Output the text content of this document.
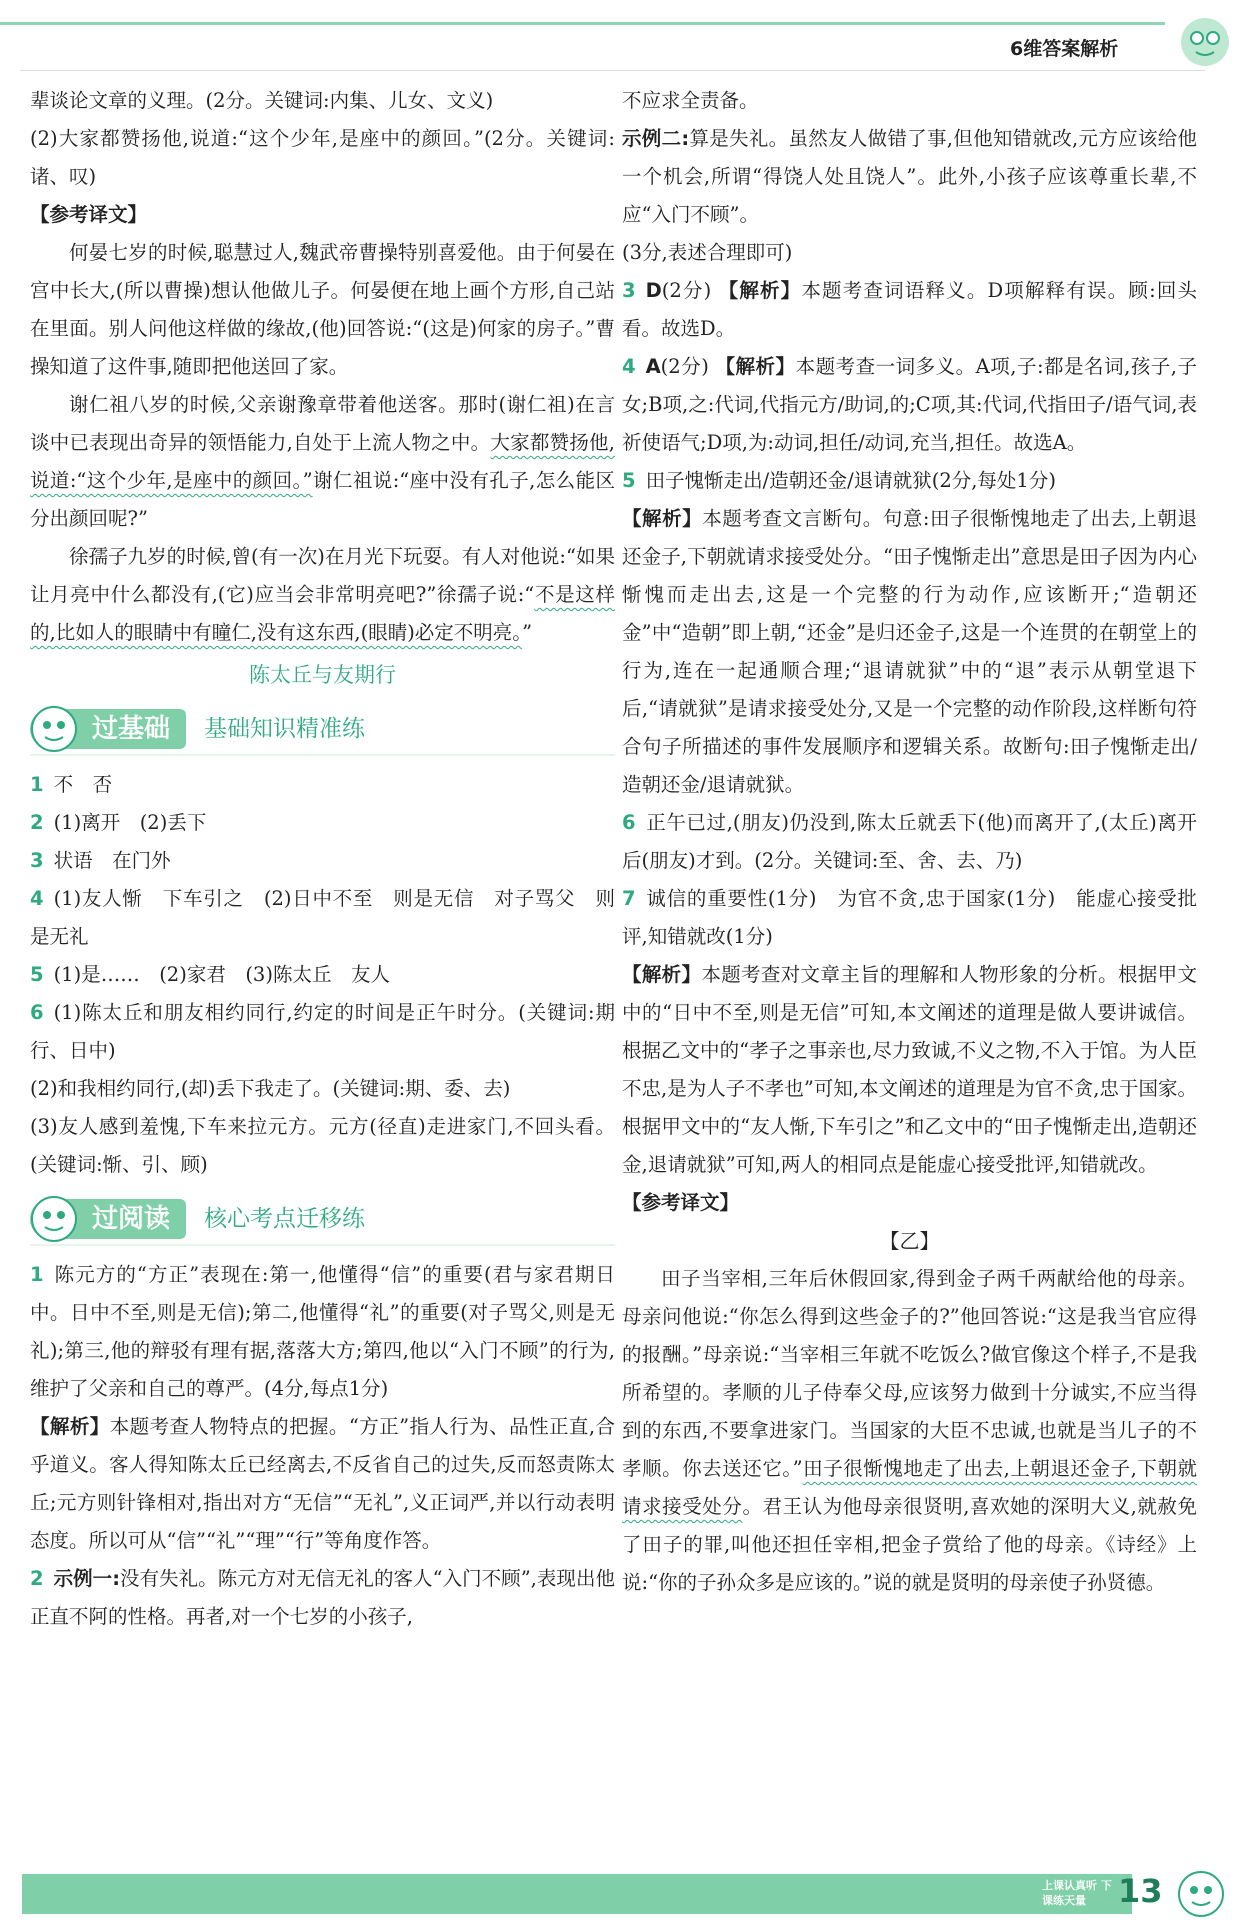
6维答案解析

辈谈论文章的义理。(2分。关键词:内集、儿女、文义)

(2)大家都赞扬他,说道:“这个少年,是座中的颜回。”(2分。关键词:诸、叹)

【参考译文】

何晏七岁的时候,聪慧过人,魏武帝曹操特别喜爱他。由于何晏在宫中长大,(所以曹操)想认他做儿子。何晏便在地上画个方形,自己站在里面。别人问他这样做的缘故,(他)回答说:“(这是)何家的房子。”曹操知道了这件事,随即把他送回了家。

谢仁祖八岁的时候,父亲谢豫章带着他送客。那时(谢仁祖)在言谈中已表现出奇异的领悟能力,自处于上流人物之中。大家都赞扬他,说道:“这个少年,是座中的颜回。”谢仁祖说:“座中没有孔子,怎么能区分出颜回呢?”

徐孺子九岁的时候,曾(有一次)在月光下玩耍。有人对他说:“如果让月亮中什么都没有,(它)应当会非常明亮吧?”徐孺子说:“不是这样的,比如人的眼睛中有瞳仁,没有这东西,(眼睛)必定不明亮。”

陈太丘与友期行

过基础 基础知识精准练

1 不　否

2 (1)离开　(2)丢下

3 状语　在门外

4 (1)友人惭　下车引之　(2)日中不至　则是无信　对子骂父　则是无礼

5 (1)是……　(2)家君　(3)陈太丘　友人

6 (1)陈太丘和朋友相约同行,约定的时间是正午时分。(关键词:期行、日中)

(2)和我相约同行,(却)丢下我走了。(关键词:期、委、去)

(3)友人感到羞愧,下车来拉元方。元方(径直)走进家门,不回头看。(关键词:惭、引、顾)

过阅读 核心考点迁移练

1 陈元方的“方正”表现在:第一,他懂得“信”的重要(君与家君期日中。日中不至,则是无信);第二,他懂得“礼”的重要(对子骂父,则是无礼);第三,他的辩驳有理有据,落落大方;第四,他以“入门不顾”的行为,维护了父亲和自己的尊严。(4分,每点1分)

【解析】本题考查人物特点的把握。“方正”指人行为、品性正直,合乎道义。客人得知陈太丘已经离去,不反省自己的过失,反而怒责陈太丘;元方则针锋相对,指出对方“无信”“无礼”,义正词严,并以行动表明态度。所以可从“信”“礼”“理”“行”等角度作答。

2 示例一:没有失礼。陈元方对无信无礼的客人“入门不顾”,表现出他正直不阿的性格。再者,对一个七岁的小孩子,

不应求全责备。

示例二:算是失礼。虽然友人做错了事,但他知错就改,元方应该给他一个机会,所谓“得饶人处且饶人”。此外,小孩子应该尊重长辈,不应“入门不顾”。

(3分,表述合理即可)

3 D(2分) 【解析】本题考查词语释义。D项解释有误。顾:回头看。故选D。

4 A(2分) 【解析】本题考查一词多义。A项,子:都是名词,孩子,子女;B项,之:代词,代指元方/助词,的;C项,其:代词,代指田子/语气词,表祈使语气;D项,为:动词,担任/动词,充当,担任。故选A。

5 田子愧惭走出/造朝还金/退请就狱(2分,每处1分)

【解析】本题考查文言断句。句意:田子很惭愧地走了出去,上朝退还金子,下朝就请求接受处分。“田子愧惭走出”意思是田子因为内心惭愧而走出去,这是一个完整的行为动作,应该断开;“造朝还金”中“造朝”即上朝,“还金”是归还金子,这是一个连贯的在朝堂上的行为,连在一起通顺合理;“退请就狱”中的“退”表示从朝堂退下后,“请就狱”是请求接受处分,又是一个完整的动作阶段,这样断句符合句子所描述的事件发展顺序和逻辑关系。故断句:田子愧惭走出/造朝还金/退请就狱。

6 正午已过,(朋友)仍没到,陈太丘就丢下(他)而离开了,(太丘)离开后(朋友)才到。(2分。关键词:至、舍、去、乃)

7 诚信的重要性(1分)　为官不贪,忠于国家(1分)　能虚心接受批评,知错就改(1分)

【解析】本题考查对文章主旨的理解和人物形象的分析。根据甲文中的“日中不至,则是无信”可知,本文阐述的道理是做人要讲诚信。根据乙文中的“孝子之事亲也,尽力致诚,不义之物,不入于馆。为人臣不忠,是为人子不孝也”可知,本文阐述的道理是为官不贪,忠于国家。根据甲文中的“友人惭,下车引之”和乙文中的“田子愧惭走出,造朝还金,退请就狱”可知,两人的相同点是能虚心接受批评,知错就改。

【参考译文】

【乙】

田子当宰相,三年后休假回家,得到金子两千两献给他的母亲。母亲问他说:“你怎么得到这些金子的?”他回答说:“这是我当官应得的报酬。”母亲说:“当宰相三年就不吃饭么?做官像这个样子,不是我所希望的。孝顺的儿子侍奉父母,应该努力做到十分诚实,不应当得到的东西,不要拿进家门。当国家的大臣不忠诚,也就是当儿子的不孝顺。你去送还它。”田子很惭愧地走了出去,上朝退还金子,下朝就请求接受处分。君王认为他母亲很贤明,喜欢她的深明大义,就赦免了田子的罪,叫他还担任宰相,把金子赏给了他的母亲。《诗经》上说:“你的子孙众多是应该的。”说的就是贤明的母亲使子孙贤德。

上课认真听 下课练天量	13
